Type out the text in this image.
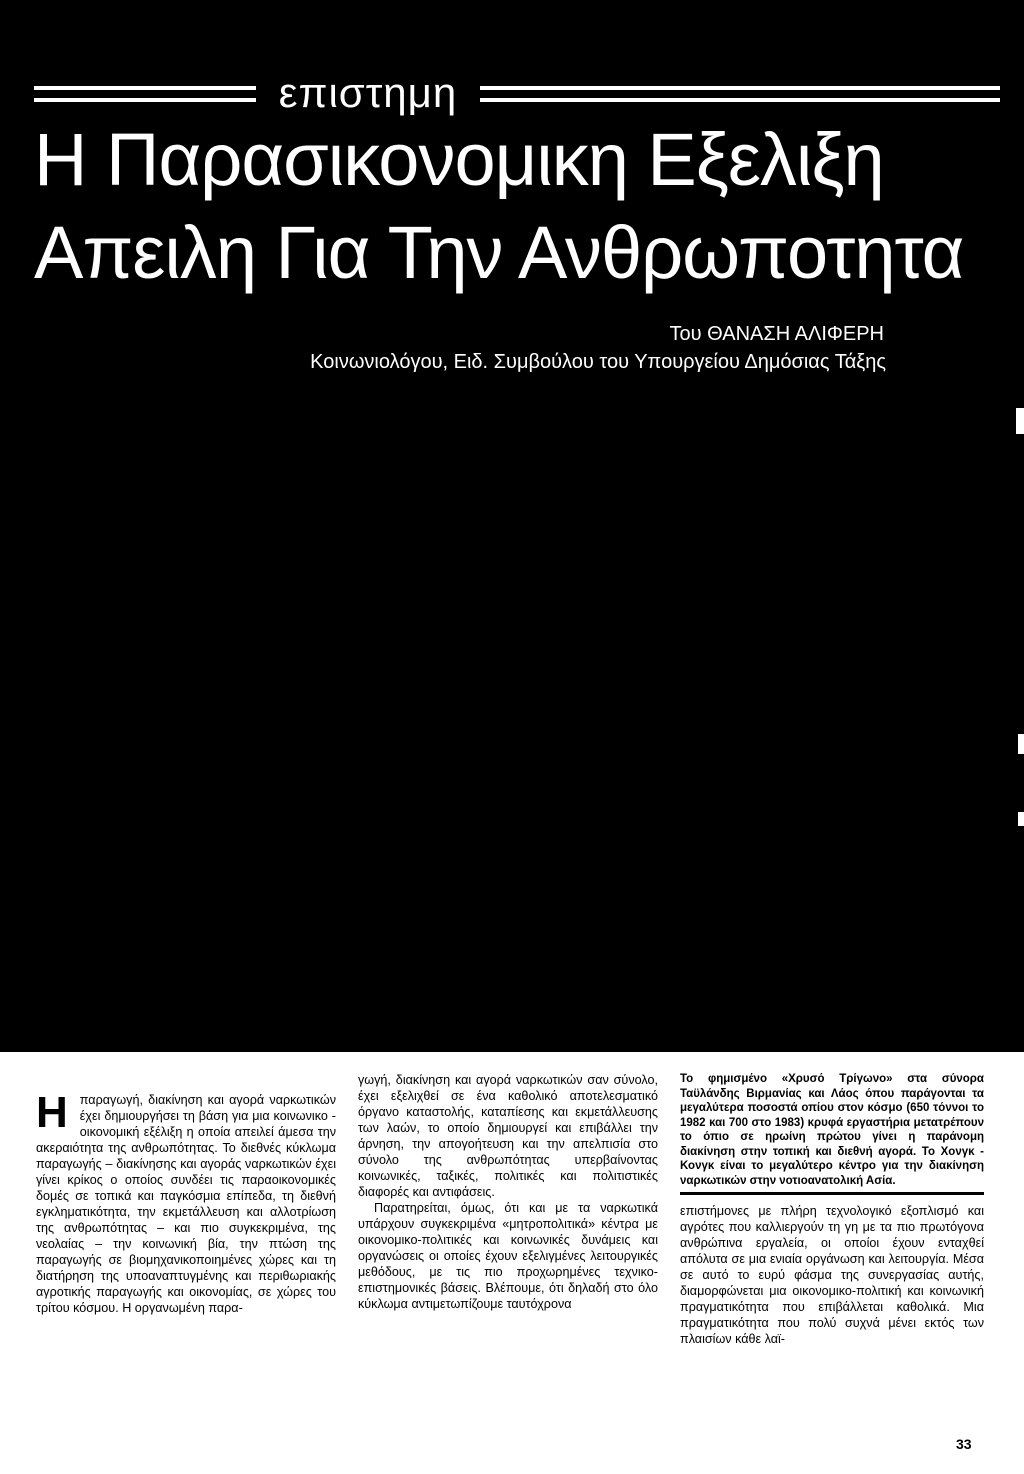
επιστημη
Η Παρασικονομικη Εξελιξη
Απειλη Για Την Ανθρωποτητα
Του ΘΑΝΑΣΗ ΑΛΙΦΕΡΗ
Κοινωνιολόγου, Ειδ. Συμβούλου του Υπουργείου Δημόσιας Τάξης

Ηπαραγωγή, διακίνηση και αγορά ναρκωτικών έχει δημιουργήσει τη βάση για μια κοινωνικο - οικονομική εξέλιξη η οποία απειλεί άμεσα την ακεραιότητα της ανθρωπότητας. Το διεθνές κύκλωμα παραγωγής – διακίνησης και αγοράς ναρκωτικών έχει γίνει κρίκος ο οποίος συνδέει τις παραοικονομικές δομές σε τοπικά και παγκόσμια επίπεδα, τη διεθνή εγκληματικότητα, την εκμετάλλευση και αλλοτρίωση της ανθρωπότητας – και πιο συγκεκριμένα, της νεολαίας – την κοινωνική βία, την πτώση της παραγωγής σε βιομηχανικοποιημένες χώρες και τη διατήρηση της υποαναπτυγμένης και περιθωριακής αγροτικής παραγωγής και οικονομίας, σε χώρες του τρίτου κόσμου. Η οργανωμένη παρα-

γωγή, διακίνηση και αγορά ναρκωτικών σαν σύνολο, έχει εξελιχθεί σε ένα καθολικό αποτελεσματικό όργανο καταστολής, καταπίεσης και εκμετάλλευσης των λαών, το οποίο δημιουργεί και επιβάλλει την άρνηση, την απογοήτευση και την απελπισία στο σύνολο της ανθρωπότητας υπερβαίνοντας κοινωνικές, ταξικές, πολιτικές και πολιτιστικές διαφορές και αντιφάσεις.

Παρατηρείται, όμως, ότι και με τα ναρκωτικά υπάρχουν συγκεκριμένα «μητροπολιτικά» κέντρα με οικονομικο-πολιτικές και κοινωνικές δυνάμεις και οργανώσεις οι οποίες έχουν εξελιγμένες λειτουργικές μεθόδους, με τις πιο προχωρημένες τεχνικο-επιστημονικές βάσεις. Βλέπουμε, ότι δηλαδή στο όλο κύκλωμα αντιμετωπίζουμε ταυτόχρονα

Το φημισμένο «Χρυσό Τρίγωνο» στα σύνορα Ταϋλάνδης Βιρμανίας και Λάος όπου παράγονται τα μεγαλύτερα ποσοστά οπίου στον κόσμο (650 τόννοι το 1982 και 700 στο 1983) κρυφά εργαστήρια μετατρέπουν το όπιο σε ηρωίνη πρώτου γίνει η παράνομη διακίνηση στην τοπική και διεθνή αγορά. Το Χονγκ - Κονγκ είναι το μεγαλύτερο κέντρο για την διακίνηση ναρκωτικών στην νοτιοανατολική Ασία.

επιστήμονες με πλήρη τεχνολογικό εξοπλισμό και αγρότες που καλλιεργούν τη γη με τα πιο πρωτόγονα ανθρώπινα εργαλεία, οι οποίοι έχουν ενταχθεί απόλυτα σε μια ενιαία οργάνωση και λειτουργία. Μέσα σε αυτό το ευρύ φάσμα της συνεργασίας αυτής, διαμορφώνεται μια οικονομικο-πολιτική και κοινωνική πραγματικότητα που επιβάλλεται καθολικά. Μια πραγματικότητα που πολύ συχνά μένει εκτός των πλαισίων κάθε λαϊ-

33
